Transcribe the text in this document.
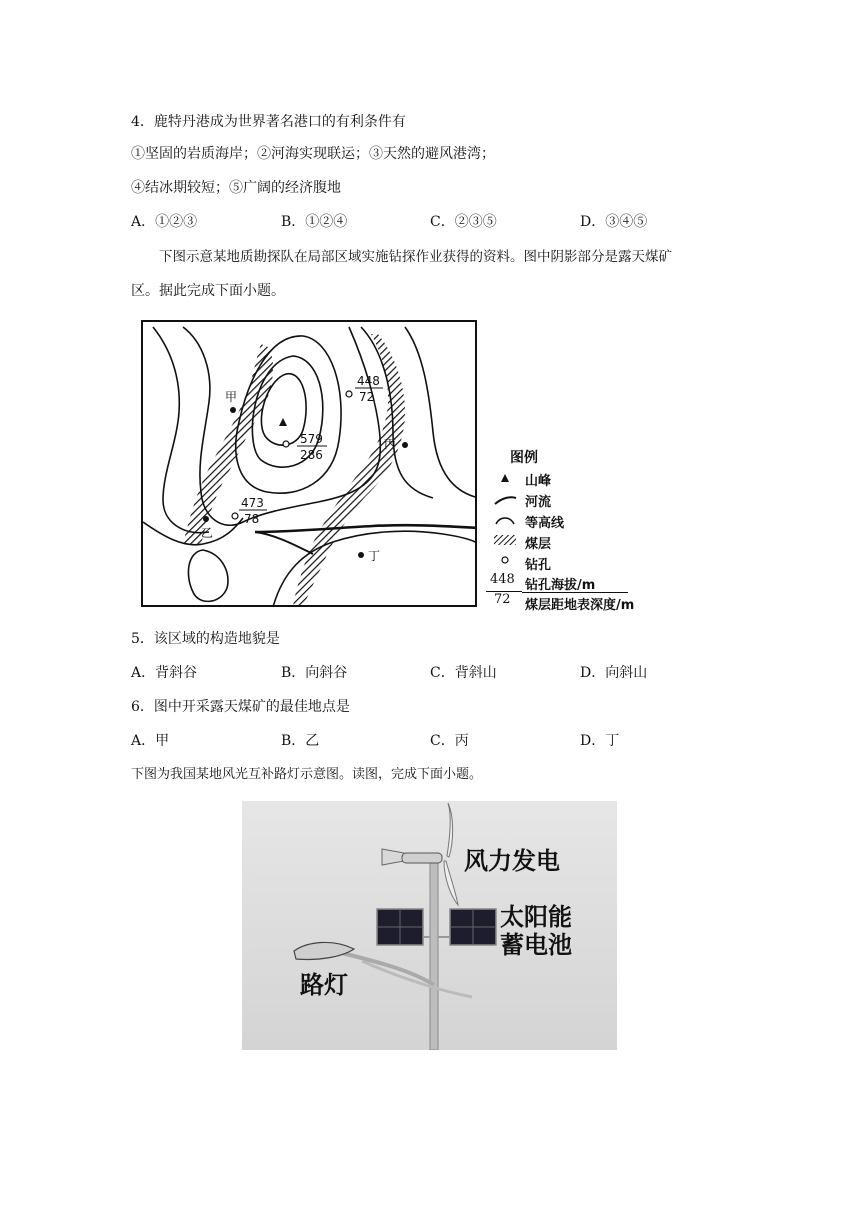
4．鹿特丹港成为世界著名港口的有利条件有
①坚固的岩质海岸；②河海实现联运；③天然的避风港湾；
④结冰期较短；⑤广阔的经济腹地
A．①②③	B．①②④	C．②③⑤	D．③④⑤
下图示意某地质勘探队在局部区域实施钻探作业获得的资料。图中阴影部分是露天煤矿
区。据此完成下面小题。
甲
乙
丙
丁
448
72
579
286
473
78
图例
山峰
河流
等高线
煤层
钻孔
448
72
钻孔海拔/m
煤层距地表深度/m
5．该区域的构造地貌是
A．背斜谷	B．向斜谷	C．背斜山	D．向斜山
6．图中开采露天煤矿的最佳地点是
A．甲	B．乙	C．丙	D．丁
下图为我国某地风光互补路灯示意图。读图，完成下面小题。
风力发电
太阳能
蓄电池
路灯
